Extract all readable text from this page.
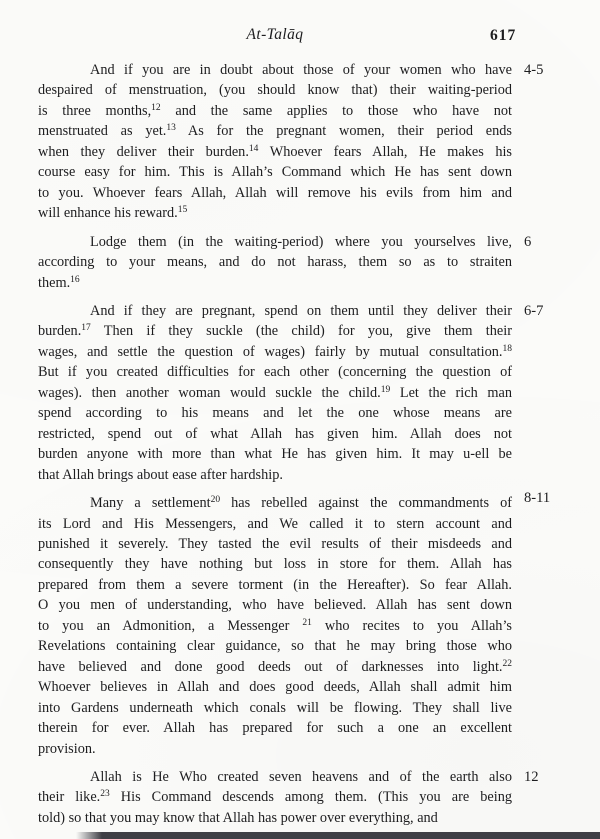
At-Talāq	617
And if you are in doubt about those of your women who have
despaired of menstruation, (you should know that) their waiting-period
is three months,$^{12}$ and the same applies to those who have not
menstruated as yet.$^{13}$ As for the pregnant women, their period ends
when they deliver their burden.$^{14}$ Whoever fears Allah, He makes his
course easy for him. This is Allah’s Command which He has sent down
to you. Whoever fears Allah, Allah will remove his evils from him and
will enhance his reward.$^{15}$
4-5
Lodge them (in the waiting-period) where you yourselves live,
according to your means, and do not harass, them so as to straiten
them.$^{16}$
6
And if they are pregnant, spend on them until they deliver their
burden.$^{17}$ Then if they suckle (the child) for you, give them their
wages, and settle the question of wages) fairly by mutual consultation.$^{18}$
But if you created difficulties for each other (concerning the question of
wages). then another woman would suckle the child.$^{19}$ Let the rich man
spend according to his means and let the one whose means are
restricted, spend out of what Allah has given him. Allah does not
burden anyone with more than what He has given him. It may u-ell be
that Allah brings about ease after hardship.
6-7
Many a settlement$^{20}$ has rebelled against the commandments of
its Lord and His Messengers, and We called it to stern account and
punished it severely. They tasted the evil results of their misdeeds and
consequently they have nothing but loss in store for them. Allah has
prepared from them a severe torment (in the Hereafter). So fear Allah.
O you men of understanding, who have believed. Allah has sent down
to you an Admonition, a Messenger $^{21}$ who recites to you Allah’s
Revelations containing clear guidance, so that he may bring those who
have believed and done good deeds out of darknesses into light.$^{22}$
Whoever believes in Allah and does good deeds, Allah shall admit him
into Gardens underneath which conals will be flowing. They shall live
therein for ever. Allah has prepared for such a one an excellent
provision.
8-11
Allah is He Who created seven heavens and of the earth also
their like.$^{23}$ His Command descends among them. (This you are being
told) so that you may know that Allah has power over everything, and
12
